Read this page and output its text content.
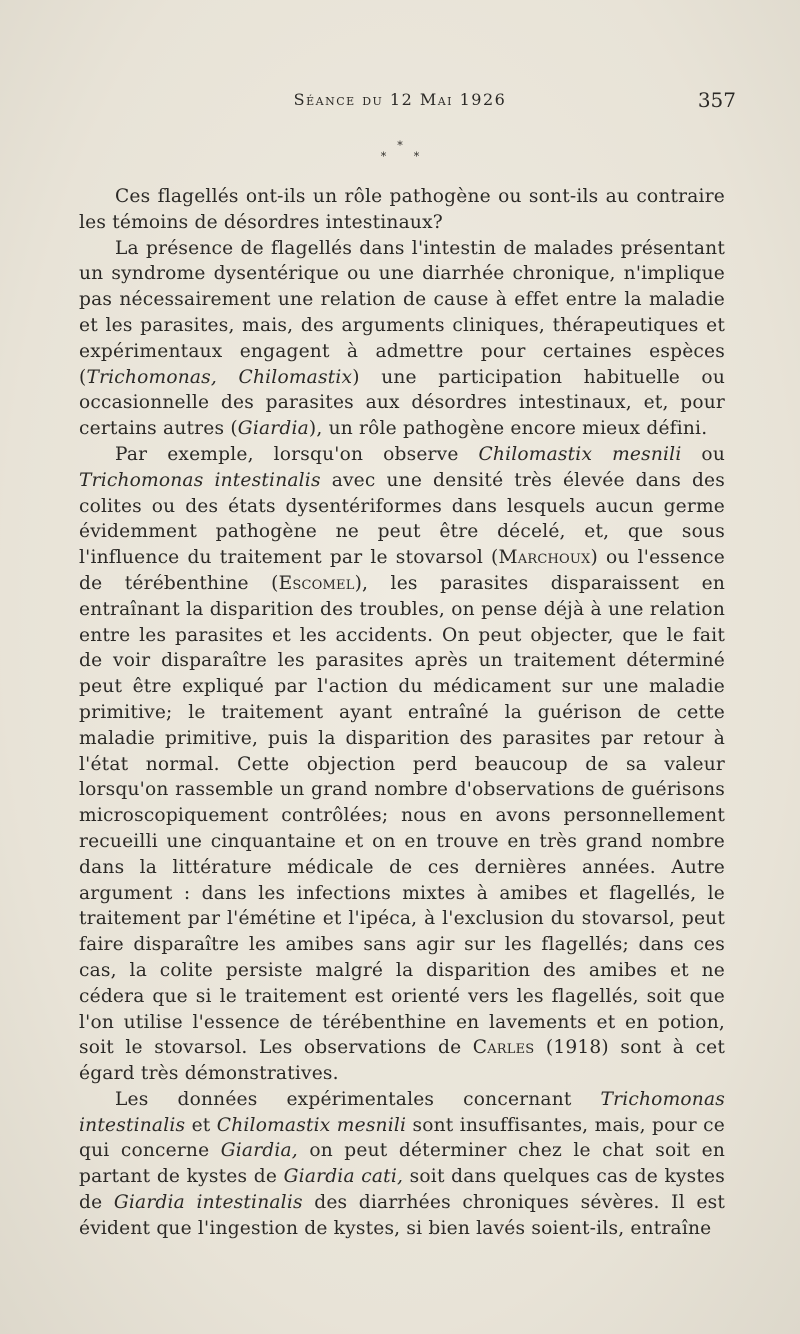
Séance du 12 Mai 1926	357
*
* *

Ces flagellés ont-ils un rôle pathogène ou sont-ils au contraire les témoins de désordres intestinaux?

La présence de flagellés dans l'intestin de malades présentant un syndrome dysentérique ou une diarrhée chronique, n'implique pas nécessairement une relation de cause à effet entre la maladie et les parasites, mais, des arguments cliniques, thérapeutiques et expérimentaux engagent à admettre pour certaines espèces (Trichomonas, Chilomastix) une participation habituelle ou occasionnelle des parasites aux désordres intestinaux, et, pour certains autres (Giardia), un rôle pathogène encore mieux défini.

Par exemple, lorsqu'on observe Chilomastix mesnili ou Trichomonas intestinalis avec une densité très élevée dans des colites ou des états dysentériformes dans lesquels aucun germe évidemment pathogène ne peut être décelé, et, que sous l'influence du traitement par le stovarsol (Marchoux) ou l'essence de térébenthine (Escomel), les parasites disparaissent en entraînant la disparition des troubles, on pense déjà à une relation entre les parasites et les accidents. On peut objecter, que le fait de voir disparaître les parasites après un traitement déterminé peut être expliqué par l'action du médicament sur une maladie primitive; le traitement ayant entraîné la guérison de cette maladie primitive, puis la disparition des parasites par retour à l'état normal. Cette objection perd beaucoup de sa valeur lorsqu'on rassemble un grand nombre d'observations de guérisons microscopiquement contrôlées; nous en avons personnellement recueilli une cinquantaine et on en trouve en très grand nombre dans la littérature médicale de ces dernières années. Autre argument : dans les infections mixtes à amibes et flagellés, le traitement par l'émétine et l'ipéca, à l'exclusion du stovarsol, peut faire disparaître les amibes sans agir sur les flagellés; dans ces cas, la colite persiste malgré la disparition des amibes et ne cédera que si le traitement est orienté vers les flagellés, soit que l'on utilise l'essence de térébenthine en lavements et en potion, soit le stovarsol. Les observations de Carles (1918) sont à cet égard très démonstratives.

Les données expérimentales concernant Trichomonas intestinalis et Chilomastix mesnili sont insuffisantes, mais, pour ce qui concerne Giardia, on peut déterminer chez le chat soit en partant de kystes de Giardia cati, soit dans quelques cas de kystes de Giardia intestinalis des diarrhées chroniques sévères. Il est évident que l'ingestion de kystes, si bien lavés soient-ils, entraîne
